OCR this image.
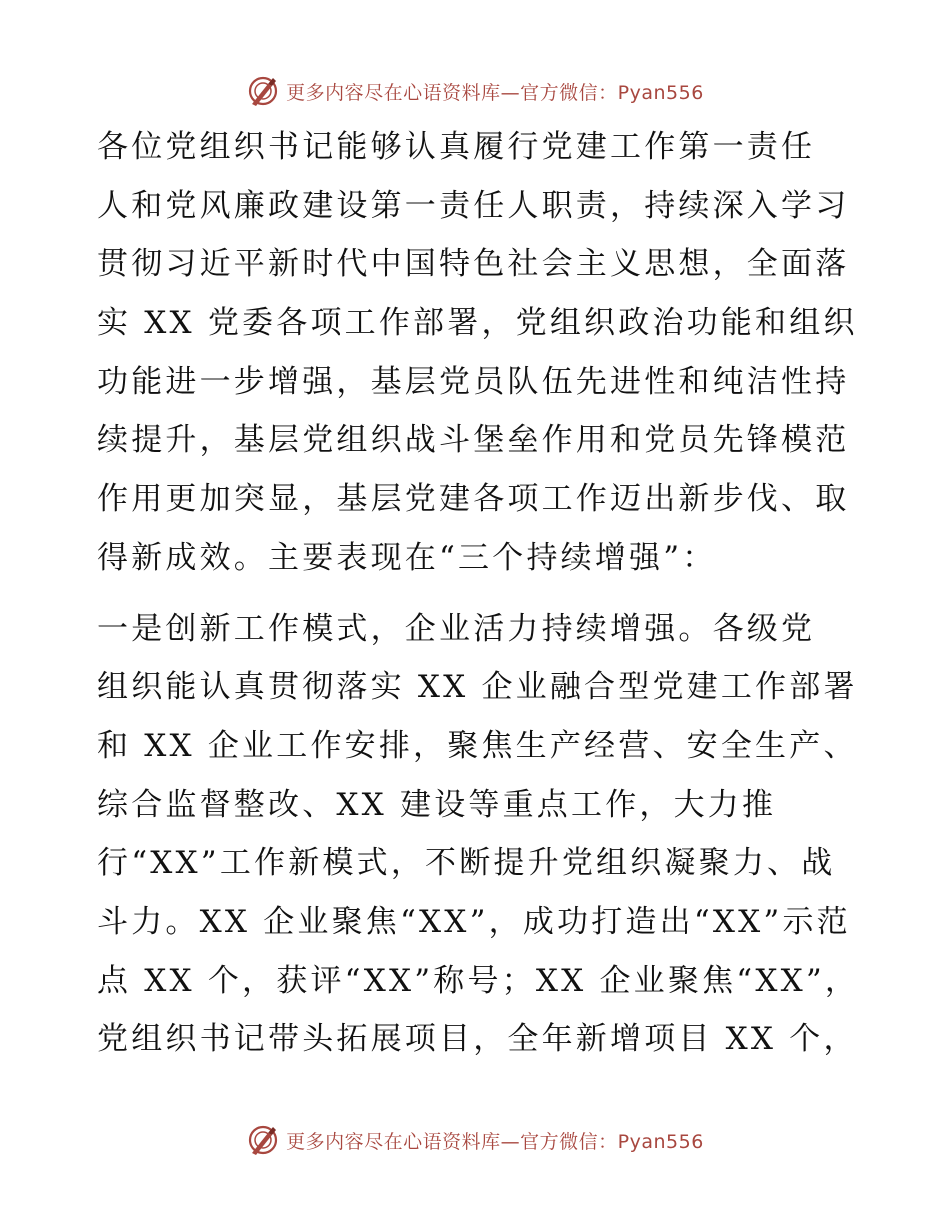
更多内容尽在心语资料库—官方微信：Pyan556

各位党组织书记能够认真履行党建工作第一责任
人和党风廉政建设第一责任人职责，持续深入学习
贯彻习近平新时代中国特色社会主义思想，全面落
实 XX 党委各项工作部署，党组织政治功能和组织
功能进一步增强，基层党员队伍先进性和纯洁性持
续提升，基层党组织战斗堡垒作用和党员先锋模范
作用更加突显，基层党建各项工作迈出新步伐、取
得新成效。主要表现在“三个持续增强”：

一是创新工作模式，企业活力持续增强。各级党
组织能认真贯彻落实 XX 企业融合型党建工作部署
和 XX 企业工作安排，聚焦生产经营、安全生产、
综合监督整改、XX 建设等重点工作，大力推
行“XX”工作新模式，不断提升党组织凝聚力、战
斗力。XX 企业聚焦“XX”，成功打造出“XX”示范
点 XX 个，获评“XX”称号；XX 企业聚焦“XX”，
党组织书记带头拓展项目，全年新增项目 XX 个，

更多内容尽在心语资料库—官方微信：Pyan556
